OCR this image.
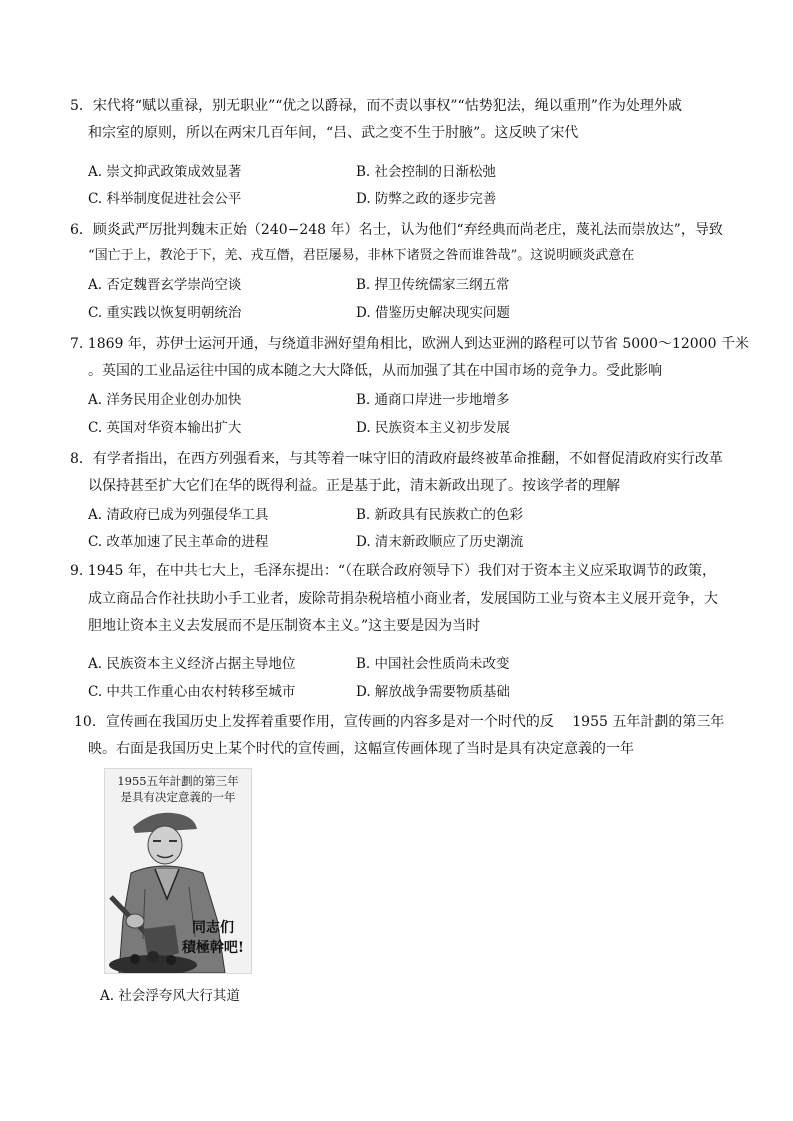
5．宋代将“赋以重禄，别无职业”“优之以爵禄，而不责以事权”“怙势犯法，绳以重刑”作为处理外戚
和宗室的原则，所以在两宋几百年间，“吕、武之变不生于肘腋”。这反映了宋代
A. 崇文抑武政策成效显著	B. 社会控制的日渐松弛
C. 科举制度促进社会公平	D. 防弊之政的逐步完善
6．顾炎武严厉批判魏末正始（240−248 年）名士，认为他们“弃经典而尚老庄，蔑礼法而崇放达”，导致
“国亡于上，教沦于下，羌、戎互僭，君臣屡易，非林下诸贤之咎而谁咎哉”。这说明顾炎武意在
A. 否定魏晋玄学崇尚空谈	B. 捍卫传统儒家三纲五常
C. 重实践以恢复明朝统治	D. 借鉴历史解决现实问题
7. 1869 年，苏伊士运河开通，与绕道非洲好望角相比，欧洲人到达亚洲的路程可以节省 5000～12000 千米
。英国的工业品运往中国的成本随之大大降低，从而加强了其在中国市场的竞争力。受此影响
A. 洋务民用企业创办加快	B. 通商口岸进一步地增多
C. 英国对华资本输出扩大	D. 民族资本主义初步发展
8．有学者指出，在西方列强看来，与其等着一味守旧的清政府最终被革命推翻，不如督促清政府实行改革
以保持甚至扩大它们在华的既得利益。正是基于此，清末新政出现了。按该学者的理解
A. 清政府已成为列强侵华工具	B. 新政具有民族救亡的色彩
C. 改革加速了民主革命的进程	D. 清末新政顺应了历史潮流
9. 1945 年，在中共七大上，毛泽东提出：“（在联合政府领导下）我们对于资本主义应采取调节的政策，
成立商品合作社扶助小手工业者，废除苛捐杂税培植小商业者，发展国防工业与资本主义展开竞争，大
胆地让资本主义去发展而不是压制资本主义。”这主要是因为当时
A. 民族资本主义经济占据主导地位	B. 中国社会性质尚未改变
C. 中共工作重心由农村转移至城市	D. 解放战争需要物质基础
10．宣传画在我国历史上发挥着重要作用，宣传画的内容多是对一个时代的反　 1955 五年計劃的第三年
映。右面是我国历史上某个时代的宣传画，这幅宣传画体现了当时是具有决定意義的一年
1955五年計劃的第三年
是具有决定意義的一年
同志们
積極幹吧!
A. 社会浮夸风大行其道
